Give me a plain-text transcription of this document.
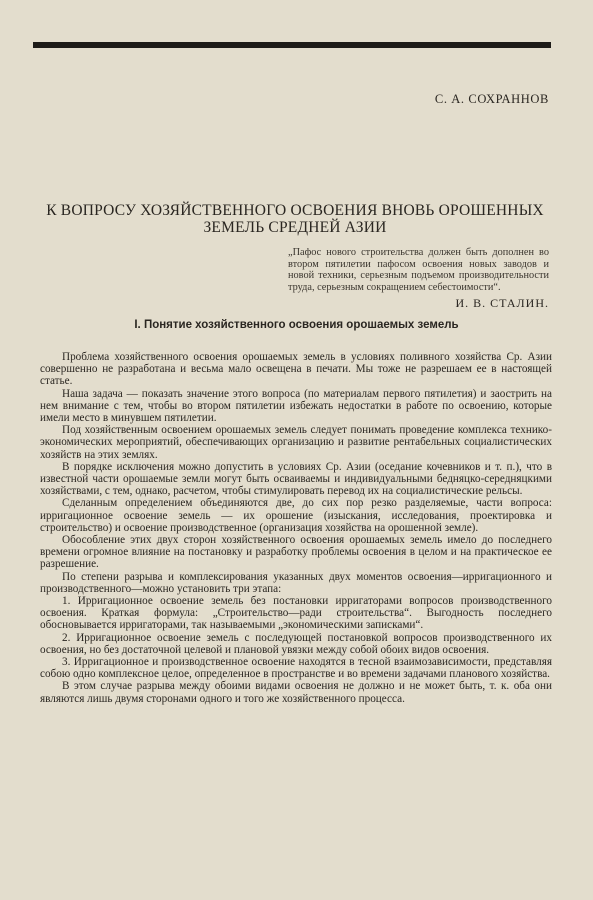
С. А. СОХРАННОВ
К ВОПРОСУ ХОЗЯЙСТВЕННОГО ОСВОЕНИЯ ВНОВЬ ОРОШЕННЫХ ЗЕМЕЛЬ СРЕДНЕЙ АЗИИ
„Пафос нового строительства должен быть дополнен во втором пятилетии пафосом освоения новых заводов и новой техники, серьезным подъемом производительности труда, серьезным сокращением себестоимости“.
И. В. СТАЛИН.
I. Понятие хозяйственного освоения орошаемых земель

Проблема хозяйственного освоения орошаемых земель в условиях поливного хозяйства Ср. Азии совершенно не разработана и весьма мало освещена в печати. Мы тоже не разрешаем ее в настоящей статье.

Наша задача — показать значение этого вопроса (по материалам первого пятилетия) и заострить на нем внимание с тем, чтобы во втором пятилетии избежать недостатки в работе по освоению, которые имели место в минувшем пятилетии.

Под хозяйственным освоением орошаемых земель следует понимать проведение комплекса технико-экономических мероприятий, обеспечивающих организацию и развитие рентабельных социалистических хозяйств на этих землях.

В порядке исключения можно допустить в условиях Ср. Азии (оседание кочевников и т. п.), что в известной части орошаемые земли могут быть осваиваемы и индивидуальными бедняцко-середняцкими хозяйствами, с тем, однако, расчетом, чтобы стимулировать перевод их на социалистические рельсы.

Сделанным определением объединяются две, до сих пор резко разделяемые, части вопроса: ирригационное освоение земель — их орошение (изыскания, исследования, проектировка и строительство) и освоение производственное (организация хозяйства на орошенной земле).

Обособление этих двух сторон хозяйственного освоения орошаемых земель имело до последнего времени огромное влияние на постановку и разработку проблемы освоения в целом и на практическое ее разрешение.

По степени разрыва и комплексирования указанных двух моментов освоения—ирригационного и производственного—можно установить три этапа:

1. Ирригационное освоение земель без постановки ирригаторами вопросов производственного освоения. Краткая формула: „Строительство—ради строительства“. Выгодность последнего обосновывается ирригаторами, так называемыми „экономическими записками“.

2. Ирригационное освоение земель с последующей постановкой вопросов производственного их освоения, но без достаточной целевой и плановой увязки между собой обоих видов освоения.

3. Ирригационное и производственное освоение находятся в тесной взаимозависимости, представляя собою одно комплексное целое, определенное в пространстве и во времени задачами планового хозяйства.

В этом случае разрыва между обоими видами освоения не должно и не может быть, т. к. оба они являются лишь двумя сторонами одного и того же хозяйственного процесса.
